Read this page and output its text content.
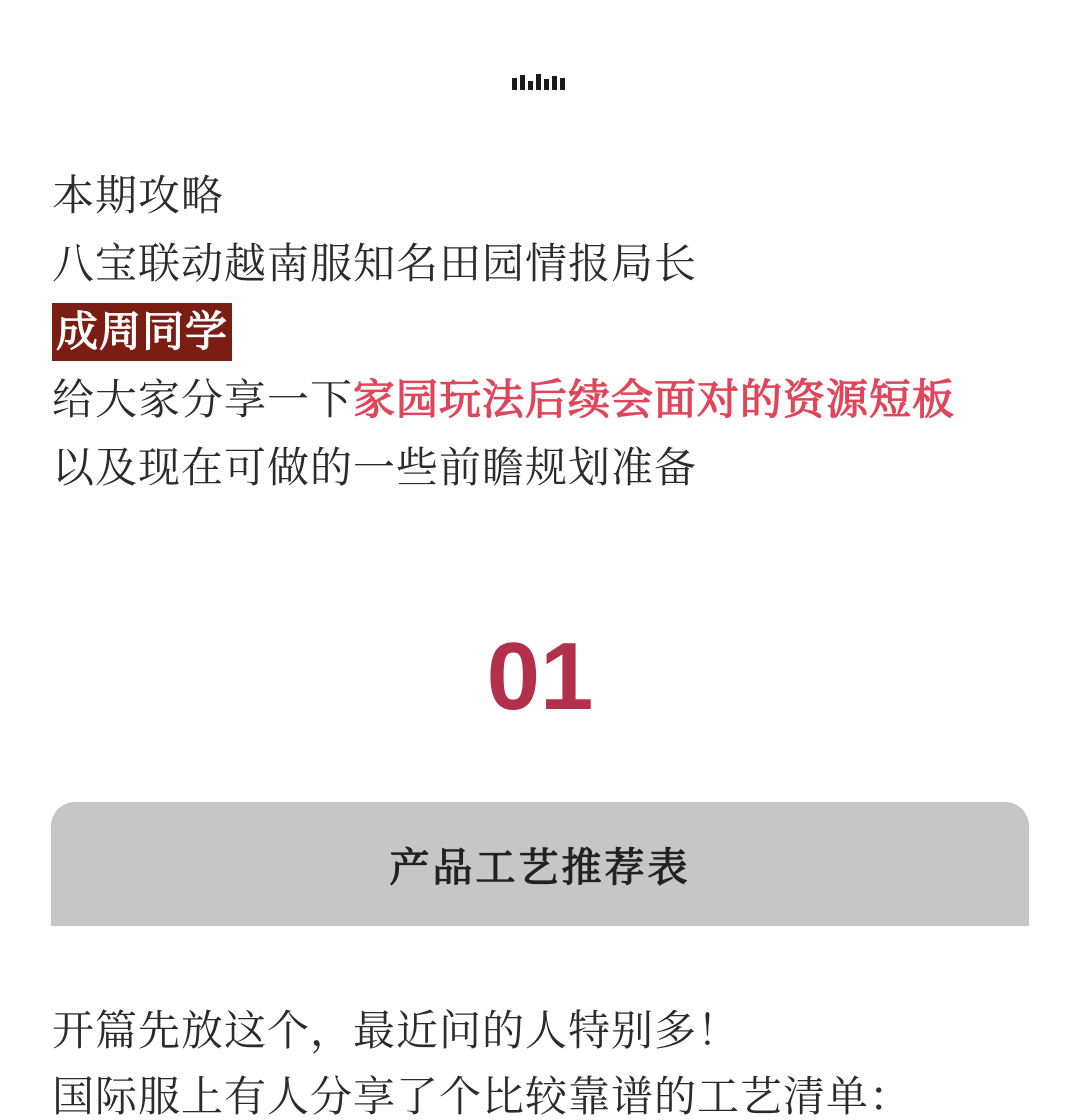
本期攻略
八宝联动越南服知名田园情报局长
成周同学
给大家分享一下家园玩法后续会面对的资源短板
以及现在可做的一些前瞻规划准备
01
产品工艺推荐表
开篇先放这个，最近问的人特别多！
国际服上有人分享了个比较靠谱的工艺清单：
